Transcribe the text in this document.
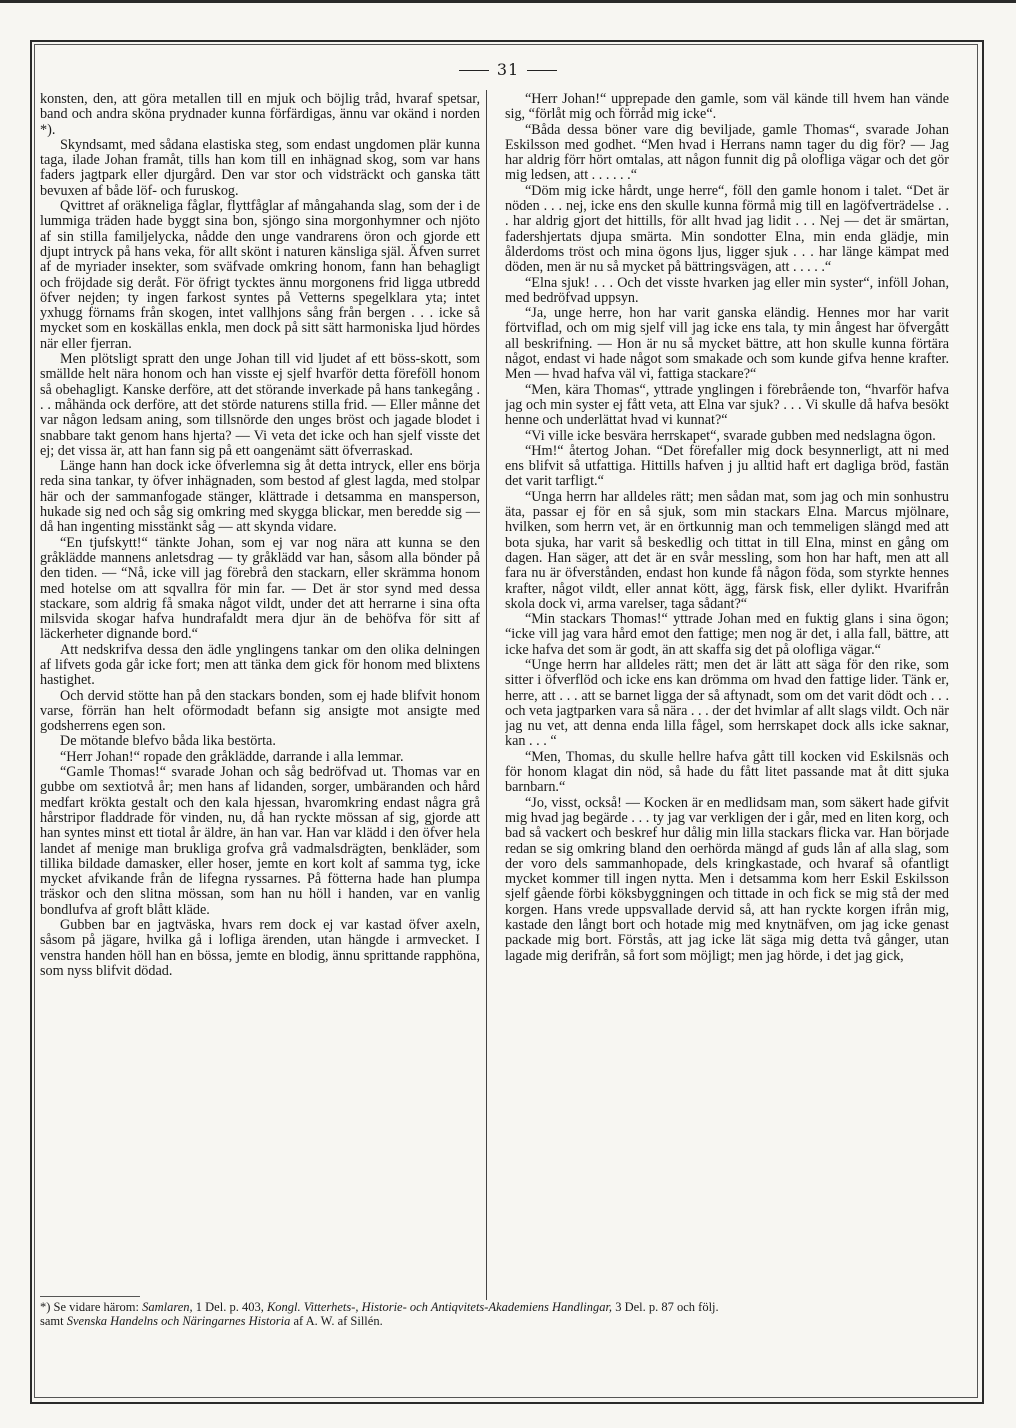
31

konsten, den, att göra metallen till en mjuk och böjlig tråd, hvaraf spetsar, band och andra sköna prydnader kunna förfärdigas, ännu var okänd i norden *).

Skyndsamt, med sådana elastiska steg, som endast ungdomen plär kunna taga, ilade Johan framåt, tills han kom till en inhägnad skog, som var hans faders jagtpark eller djurgård. Den var stor och vidsträckt och ganska tätt bevuxen af både löf- och furuskog.

Qvittret af oräkneliga fåglar, flyttfåglar af mångahanda slag, som der i de lummiga träden hade byggt sina bon, sjöngo sina morgonhymner och njöto af sin stilla familjelycka, nådde den unge vandrarens öron och gjorde ett djupt intryck på hans veka, för allt skönt i naturen känsliga själ. Äfven surret af de myriader insekter, som sväfvade omkring honom, fann han behagligt och fröjdade sig deråt. För öfrigt tycktes ännu morgonens frid ligga utbredd öfver nejden; ty ingen farkost syntes på Vetterns spegelklara yta; intet yxhugg förnams från skogen, intet vallhjons sång från bergen . . . icke så mycket som en koskällas enkla, men dock på sitt sätt harmoniska ljud hördes när eller fjerran.

Men plötsligt spratt den unge Johan till vid ljudet af ett böss-skott, som smällde helt nära honom och han visste ej sjelf hvarför detta föreföll honom så obehagligt. Kanske derföre, att det störande inverkade på hans tankegång . . . måhända ock derföre, att det störde naturens stilla frid. — Eller månne det var någon ledsam aning, som tillsnörde den unges bröst och jagade blodet i snabbare takt genom hans hjerta? — Vi veta det icke och han sjelf visste det ej; det vissa är, att han fann sig på ett oangenämt sätt öfverraskad.

Länge hann han dock icke öfverlemna sig åt detta intryck, eller ens börja reda sina tankar, ty öfver inhägnaden, som bestod af glest lagda, med stolpar här och der sammanfogade stänger, klättrade i detsamma en mansperson, hukade sig ned och såg sig omkring med skygga blickar, men beredde sig — då han ingenting misstänkt såg — att skynda vidare.

“En tjufskytt!“ tänkte Johan, som ej var nog nära att kunna se den gråklädde mannens anletsdrag — ty gråklädd var han, såsom alla bönder på den tiden. — “Nå, icke vill jag förebrå den stackarn, eller skrämma honom med hotelse om att sqvallra för min far. — Det är stor synd med dessa stackare, som aldrig få smaka något vildt, under det att herrarne i sina ofta milsvida skogar hafva hundrafaldt mera djur än de behöfva för sitt af läckerheter dignande bord.“

Att nedskrifva dessa den ädle ynglingens tankar om den olika delningen af lifvets goda går icke fort; men att tänka dem gick för honom med blixtens hastighet.

Och dervid stötte han på den stackars bonden, som ej hade blifvit honom varse, förrän han helt oförmodadt befann sig ansigte mot ansigte med godsherrens egen son.

De mötande blefvo båda lika bestörta.

“Herr Johan!“ ropade den gråklädde, darrande i alla lemmar.

“Gamle Thomas!“ svarade Johan och såg bedröfvad ut. Thomas var en gubbe om sextiotvå år; men hans af lidanden, sorger, umbäranden och hård medfart krökta gestalt och den kala hjessan, hvaromkring endast några grå hårstripor fladdrade för vinden, nu, då han ryckte mössan af sig, gjorde att han syntes minst ett tiotal år äldre, än han var. Han var klädd i den öfver hela landet af menige man brukliga grofva grå vadmalsdrägten, benkläder, som tillika bildade damasker, eller hoser, jemte en kort kolt af samma tyg, icke mycket afvikande från de lifegna ryssarnes. På fötterna hade han plumpa träskor och den slitna mössan, som han nu höll i handen, var en vanlig bondlufva af groft blått kläde.

Gubben bar en jagtväska, hvars rem dock ej var kastad öfver axeln, såsom på jägare, hvilka gå i lofliga ärenden, utan hängde i armvecket. I venstra handen höll han en bössa, jemte en blodig, ännu sprittande rapphöna, som nyss blifvit dödad.

“Herr Johan!“ upprepade den gamle, som väl kände till hvem han vände sig, “förlåt mig och förråd mig icke“.

“Båda dessa böner vare dig beviljade, gamle Thomas“, svarade Johan Eskilsson med godhet. “Men hvad i Herrans namn tager du dig för? — Jag har aldrig förr hört omtalas, att någon funnit dig på olofliga vägar och det gör mig ledsen, att . . . . . .“

“Döm mig icke hårdt, unge herre“, föll den gamle honom i talet. “Det är nöden . . . nej, icke ens den skulle kunna förmå mig till en lagöfverträdelse . . . har aldrig gjort det hittills, för allt hvad jag lidit . . . Nej — det är smärtan, fadershjertats djupa smärta. Min sondotter Elna, min enda glädje, min ålderdoms tröst och mina ögons ljus, ligger sjuk . . . har länge kämpat med döden, men är nu så mycket på bättringsvägen, att . . . . .“

“Elna sjuk! . . . Och det visste hvarken jag eller min syster“, inföll Johan, med bedröfvad uppsyn.

“Ja, unge herre, hon har varit ganska eländig. Hennes mor har varit förtviflad, och om mig sjelf vill jag icke ens tala, ty min ångest har öfvergått all beskrifning. — Hon är nu så mycket bättre, att hon skulle kunna förtära något, endast vi hade något som smakade och som kunde gifva henne krafter. Men — hvad hafva väl vi, fattiga stackare?“

“Men, kära Thomas“, yttrade ynglingen i förebrående ton, “hvarför hafva jag och min syster ej fått veta, att Elna var sjuk? . . . Vi skulle då hafva besökt henne och underlättat hvad vi kunnat?“

“Vi ville icke besvära herrskapet“, svarade gubben med nedslagna ögon.

“Hm!“ återtog Johan. “Det förefaller mig dock besynnerligt, att ni med ens blifvit så utfattiga. Hittills hafven j ju alltid haft ert dagliga bröd, fastän det varit tarfligt.“

“Unga herrn har alldeles rätt; men sådan mat, som jag och min sonhustru äta, passar ej för en så sjuk, som min stackars Elna. Marcus mjölnare, hvilken, som herrn vet, är en örtkunnig man och temmeligen slängd med att bota sjuka, har varit så beskedlig och tittat in till Elna, minst en gång om dagen. Han säger, att det är en svår messling, som hon har haft, men att all fara nu är öfverstånden, endast hon kunde få någon föda, som styrkte hennes krafter, något vildt, eller annat kött, ägg, färsk fisk, eller dylikt. Hvarifrån skola dock vi, arma varelser, taga sådant?“

“Min stackars Thomas!“ yttrade Johan med en fuktig glans i sina ögon; “icke vill jag vara hård emot den fattige; men nog är det, i alla fall, bättre, att icke hafva det som är godt, än att skaffa sig det på olofliga vägar.“

“Unge herrn har alldeles rätt; men det är lätt att säga för den rike, som sitter i öfverflöd och icke ens kan drömma om hvad den fattige lider. Tänk er, herre, att . . . att se barnet ligga der så aftynadt, som om det varit dödt och . . . och veta jagtparken vara så nära . . . der det hvimlar af allt slags vildt. Och när jag nu vet, att denna enda lilla fågel, som herrskapet dock alls icke saknar, kan . . . “

“Men, Thomas, du skulle hellre hafva gått till kocken vid Eskilsnäs och för honom klagat din nöd, så hade du fått litet passande mat åt ditt sjuka barnbarn.“

“Jo, visst, också! — Kocken är en medlidsam man, som säkert hade gifvit mig hvad jag begärde . . . ty jag var verkligen der i går, med en liten korg, och bad så vackert och beskref hur dålig min lilla stackars flicka var. Han började redan se sig omkring bland den oerhörda mängd af guds lån af alla slag, som der voro dels sammanhopade, dels kringkastade, och hvaraf så ofantligt mycket kommer till ingen nytta. Men i detsamma kom herr Eskil Eskilsson sjelf gående förbi köksbyggningen och tittade in och fick se mig stå der med korgen. Hans vrede uppsvallade dervid så, att han ryckte korgen ifrån mig, kastade den långt bort och hotade mig med knytnäfven, om jag icke genast packade mig bort. Förstås, att jag icke lät säga mig detta två gånger, utan lagade mig derifrån, så fort som möjligt; men jag hörde, i det jag gick,

*) Se vidare härom: Samlaren, 1 Del. p. 403, Kongl. Vitterhets-, Historie- och Antiqvitets-Akademiens Handlingar, 3 Del. p. 87 och följ.
samt Svenska Handelns och Näringarnes Historia af A. W. af Sillén.
